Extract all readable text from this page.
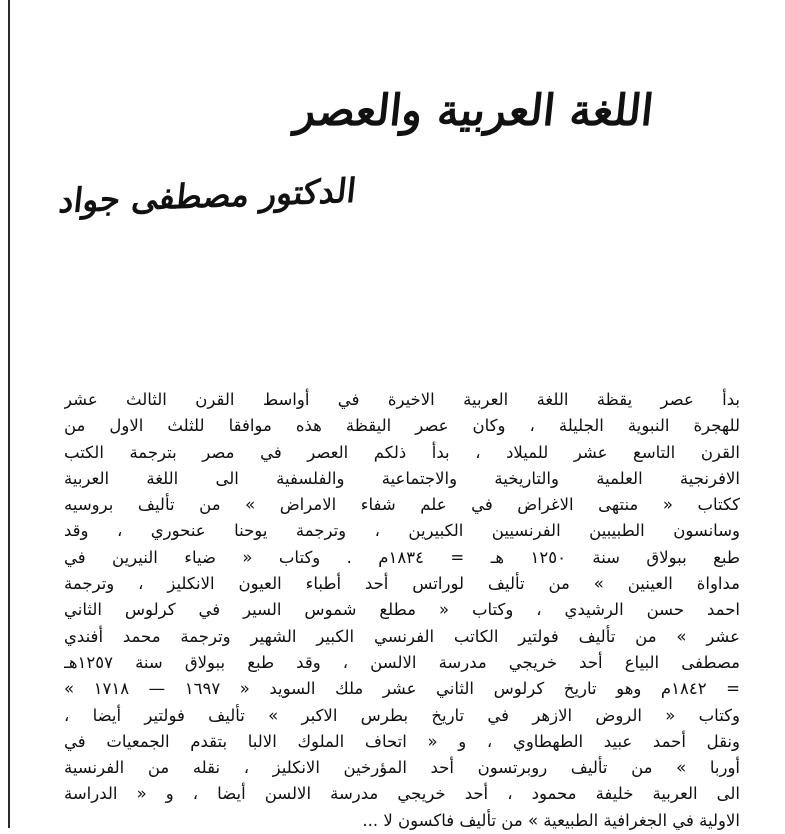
اللغة العربية والعصر
الدكتور مصطفى جواد
بدأ عصر يقظة اللغة العربية الاخيرة في أواسط القرن الثالث عشر
للهجرة النبوية الجليلة ، وكان عصر اليقظة هذه موافقا للثلث الاول من
القرن التاسع عشر للميلاد ، بدأ ذلكم العصر في مصر بترجمة الكتب
الافرنجية العلمية والتاريخية والاجتماعية والفلسفية الى اللغة العربية
ككتاب « منتهى الاغراض في علم شفاء الامراض » من تأليف بروسيه
وسانسون الطبيبين الفرنسيين الكبيرين ، وترجمة يوحنا عنحوري ، وقد
طبع ببولاق سنة ١٢٥٠ هـ = ١٨٣٤م . وكتاب « ضياء النيرين في
مداواة العينين » من تأليف لوراتس أحد أطباء العيون الانكليز ، وترجمة
احمد حسن الرشيدي ، وكتاب « مطلع شموس السير في كرلوس الثاني
عشر » من تأليف فولتير الكاتب الفرنسي الكبير الشهير وترجمة محمد أفندي
مصطفى البياع أحد خريجي مدرسة الالسن ، وقد طبع ببولاق سنة ١٢٥٧هـ
= ١٨٤٢م وهو تاريخ كرلوس الثاني عشر ملك السويد « ١٦٩٧ — ١٧١٨ »
وكتاب « الروض الازهر في تاريخ بطرس الاكبر » تأليف فولتير أيضا ،
ونقل أحمد عبيد الطهطاوي ، و « اتحاف الملوك الالبا بتقدم الجمعيات في
أوربا » من تأليف روبرتسون أحد المؤرخين الانكليز ، نقله من الفرنسية
الى العربية خليفة محمود ، أحد خريجي مدرسة الالسن أيضا ، و « الدراسة
الاولية في الجغرافية الطبيعية » من تأليف فاكسون لا ...
